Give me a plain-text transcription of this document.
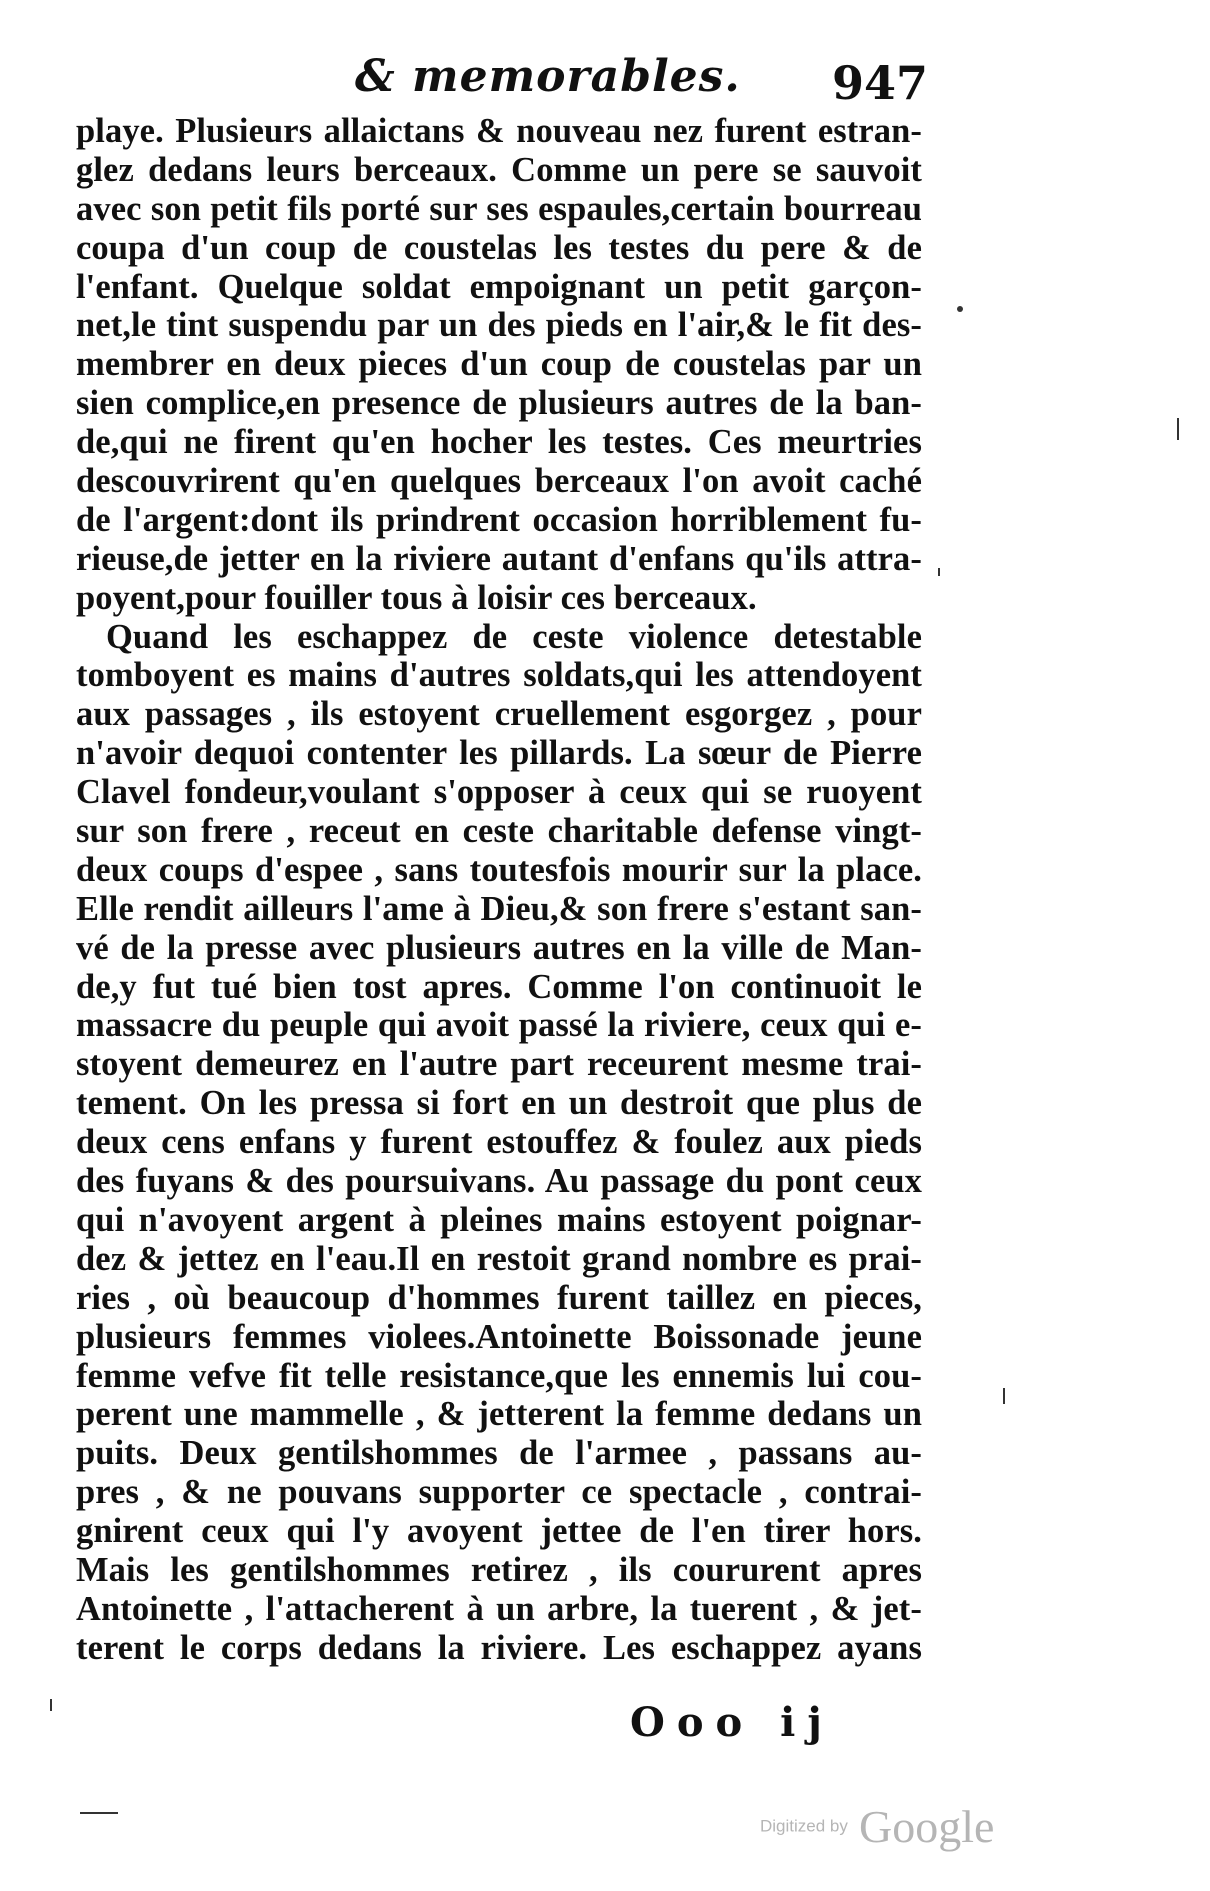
& memorables. 947
playe. Plusieurs allaictans & nouveau nez furent estran-
glez dedans leurs berceaux. Comme un pere se sauvoit
avec son petit fils porté sur ses espaules,certain bourreau
coupa d'un coup de coustelas les testes du pere & de
l'enfant. Quelque soldat empoignant un petit garçon-
net,le tint suspendu par un des pieds en l'air,& le fit des-
membrer en deux pieces d'un coup de coustelas par un
sien complice,en presence de plusieurs autres de la ban-
de,qui ne firent qu'en hocher les testes. Ces meurtries
descouvrirent qu'en quelques berceaux l'on avoit caché
de l'argent:dont ils prindrent occasion horriblement fu-
rieuse,de jetter en la riviere autant d'enfans qu'ils attra-
poyent,pour fouiller tous à loisir ces berceaux.
Quand les eschappez de ceste violence detestable
tomboyent es mains d'autres soldats,qui les attendoyent
aux passages , ils estoyent cruellement esgorgez , pour
n'avoir dequoi contenter les pillards. La sœur de Pierre
Clavel fondeur,voulant s'opposer à ceux qui se ruoyent
sur son frere , receut en ceste charitable defense vingt-
deux coups d'espee , sans toutesfois mourir sur la place.
Elle rendit ailleurs l'ame à Dieu,& son frere s'estant san-
vé de la presse avec plusieurs autres en la ville de Man-
de,y fut tué bien tost apres. Comme l'on continuoit le
massacre du peuple qui avoit passé la riviere, ceux qui e-
stoyent demeurez en l'autre part receurent mesme trai-
tement. On les pressa si fort en un destroit que plus de
deux cens enfans y furent estouffez & foulez aux pieds
des fuyans & des poursuivans. Au passage du pont ceux
qui n'avoyent argent à pleines mains estoyent poignar-
dez & jettez en l'eau.Il en restoit grand nombre es prai-
ries , où beaucoup d'hommes furent taillez en pieces,
plusieurs femmes violees.Antoinette Boissonade jeune
femme vefve fit telle resistance,que les ennemis lui cou-
perent une mammelle , & jetterent la femme dedans un
puits. Deux gentilshommes de l'armee , passans au-
pres , & ne pouvans supporter ce spectacle , contrai-
gnirent ceux qui l'y avoyent jettee de l'en tirer hors.
Mais les gentilshommes retirez , ils coururent apres
Antoinette , l'attacherent à un arbre, la tuerent , & jet-
terent le corps dedans la riviere. Les eschappez ayans
Ooo ij
Digitized by Google
